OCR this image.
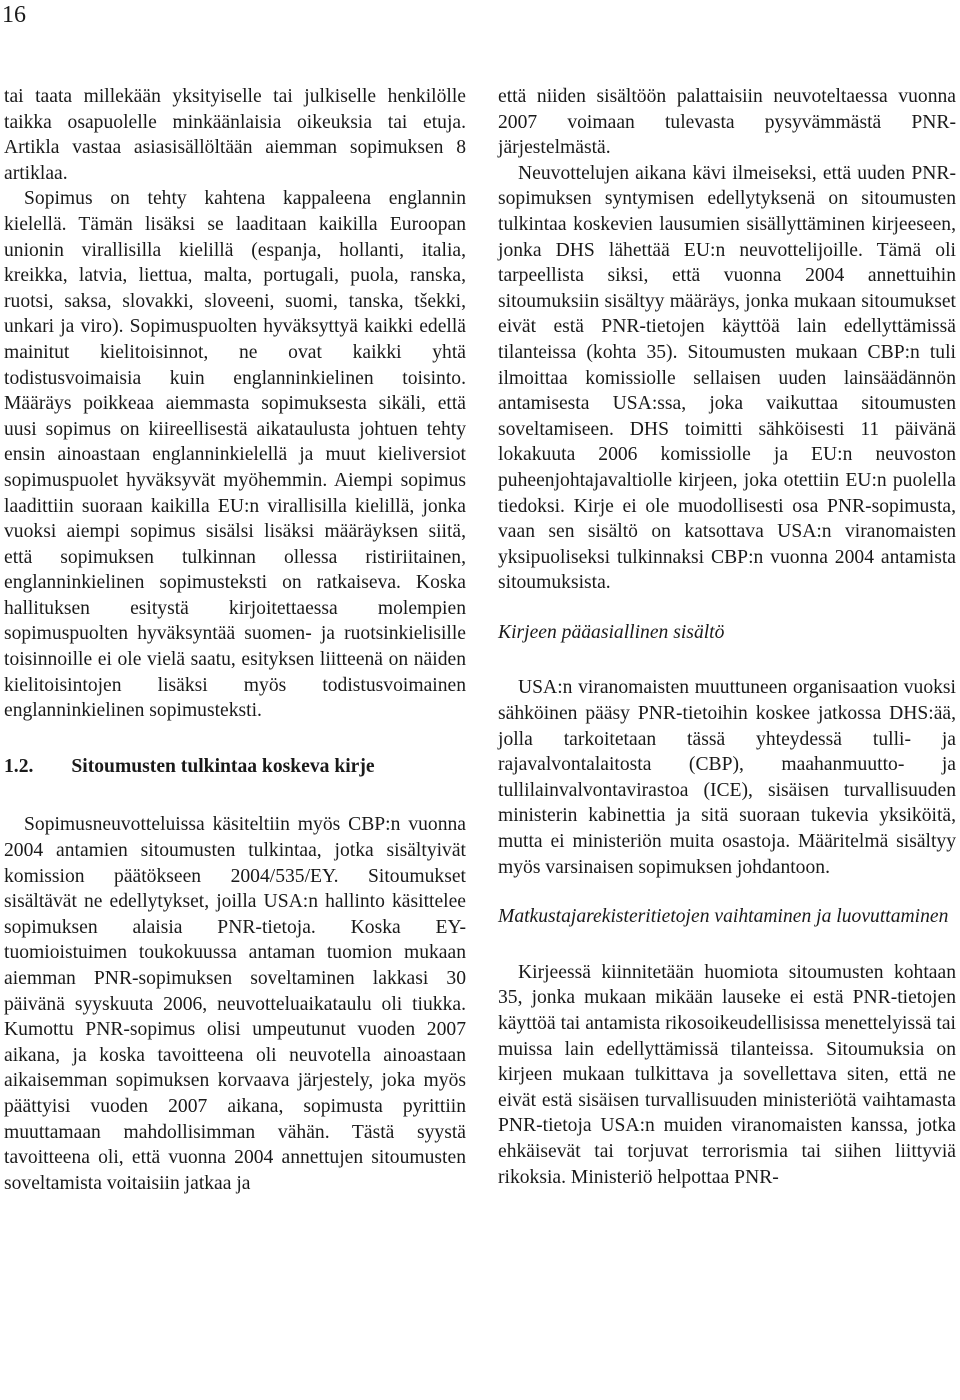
16

tai taata millekään yksityiselle tai julkiselle henkilölle taikka osapuolelle minkäänlaisia oikeuksia tai etuja. Artikla vastaa asiasisällöltään aiemman sopimuksen 8 artiklaa.

Sopimus on tehty kahtena kappaleena englannin kielellä. Tämän lisäksi se laaditaan kaikilla Euroopan unionin virallisilla kielillä (espanja, hollanti, italia, kreikka, latvia, liettua, malta, portugali, puola, ranska, ruotsi, saksa, slovakki, sloveeni, suomi, tanska, tšekki, unkari ja viro). Sopimuspuolten hyväksyttyä kaikki edellä mainitut kielitoisinnot, ne ovat kaikki yhtä todistusvoimaisia kuin englanninkielinen toisinto. Määräys poikkeaa aiemmasta sopimuksesta sikäli, että uusi sopimus on kiireellisestä aikataulusta johtuen tehty ensin ainoastaan englanninkielellä ja muut kieliversiot sopimuspuolet hyväksyvät myöhemmin. Aiempi sopimus laadittiin suoraan kaikilla EU:n virallisilla kielillä, jonka vuoksi aiempi sopimus sisälsi lisäksi määräyksen siitä, että sopimuksen tulkinnan ollessa ristiriitainen, englanninkielinen sopimusteksti on ratkaiseva. Koska hallituksen esitystä kirjoitettaessa molempien sopimuspuolten hyväksyntää suomen- ja ruotsinkielisille toisinnoille ei ole vielä saatu, esityksen liitteenä on näiden kielitoisintojen lisäksi myös todistusvoimainen englanninkielinen sopimusteksti.

1.2. Sitoumusten tulkintaa koskeva kirje

Sopimusneuvotteluissa käsiteltiin myös CBP:n vuonna 2004 antamien sitoumusten tulkintaa, jotka sisältyivät komission päätökseen 2004/535/EY. Sitoumukset sisältävät ne edellytykset, joilla USA:n hallinto käsittelee sopimuksen alaisia PNR-tietoja. Koska EY-tuomioistuimen toukokuussa antaman tuomion mukaan aiemman PNR-sopimuksen soveltaminen lakkasi 30 päivänä syyskuuta 2006, neuvotteluaikataulu oli tiukka. Kumottu PNR-sopimus olisi umpeutunut vuoden 2007 aikana, ja koska tavoitteena oli neuvotella ainoastaan aikaisemman sopimuksen korvaava järjestely, joka myös päättyisi vuoden 2007 aikana, sopimusta pyrittiin muuttamaan mahdollisimman vähän. Tästä syystä tavoitteena oli, että vuonna 2004 annettujen sitoumusten soveltamista voitaisiin jatkaa ja

että niiden sisältöön palattaisiin neuvoteltaessa vuonna 2007 voimaan tulevasta pysyvämmästä PNR-järjestelmästä.

Neuvottelujen aikana kävi ilmeiseksi, että uuden PNR-sopimuksen syntymisen edellytyksenä on sitoumusten tulkintaa koskevien lausumien sisällyttäminen kirjeeseen, jonka DHS lähettää EU:n neuvottelijoille. Tämä oli tarpeellista siksi, että vuonna 2004 annettuihin sitoumuksiin sisältyy määräys, jonka mukaan sitoumukset eivät estä PNR-tietojen käyttöä lain edellyttämissä tilanteissa (kohta 35). Sitoumusten mukaan CBP:n tuli ilmoittaa komissiolle sellaisen uuden lainsäädännön antamisesta USA:ssa, joka vaikuttaa sitoumusten soveltamiseen. DHS toimitti sähköisesti 11 päivänä lokakuuta 2006 komissiolle ja EU:n neuvoston puheenjohtajavaltiolle kirjeen, joka otettiin EU:n puolella tiedoksi. Kirje ei ole muodollisesti osa PNR-sopimusta, vaan sen sisältö on katsottava USA:n viranomaisten yksipuoliseksi tulkinnaksi CBP:n vuonna 2004 antamista sitoumuksista.

Kirjeen pääasiallinen sisältö

USA:n viranomaisten muuttuneen organisaation vuoksi sähköinen pääsy PNR-tietoihin koskee jatkossa DHS:ää, jolla tarkoitetaan tässä yhteydessä tulli- ja rajavalvontalaitosta (CBP), maahanmuutto- ja tullilainvalvontavirastoa (ICE), sisäisen turvallisuuden ministerin kabinettia ja sitä suoraan tukevia yksiköitä, mutta ei ministeriön muita osastoja. Määritelmä sisältyy myös varsinaisen sopimuksen johdantoon.

Matkustajarekisteritietojen vaihtaminen ja luovuttaminen

Kirjeessä kiinnitetään huomiota sitoumusten kohtaan 35, jonka mukaan mikään lauseke ei estä PNR-tietojen käyttöä tai antamista rikosoikeudellisissa menettelyissä tai muissa lain edellyttämissä tilanteissa. Sitoumuksia on kirjeen mukaan tulkittava ja sovellettava siten, että ne eivät estä sisäisen turvallisuuden ministeriötä vaihtamasta PNR-tietoja USA:n muiden viranomaisten kanssa, jotka ehkäisevät tai torjuvat terrorismia tai siihen liittyviä rikoksia. Ministeriö helpottaa PNR-
